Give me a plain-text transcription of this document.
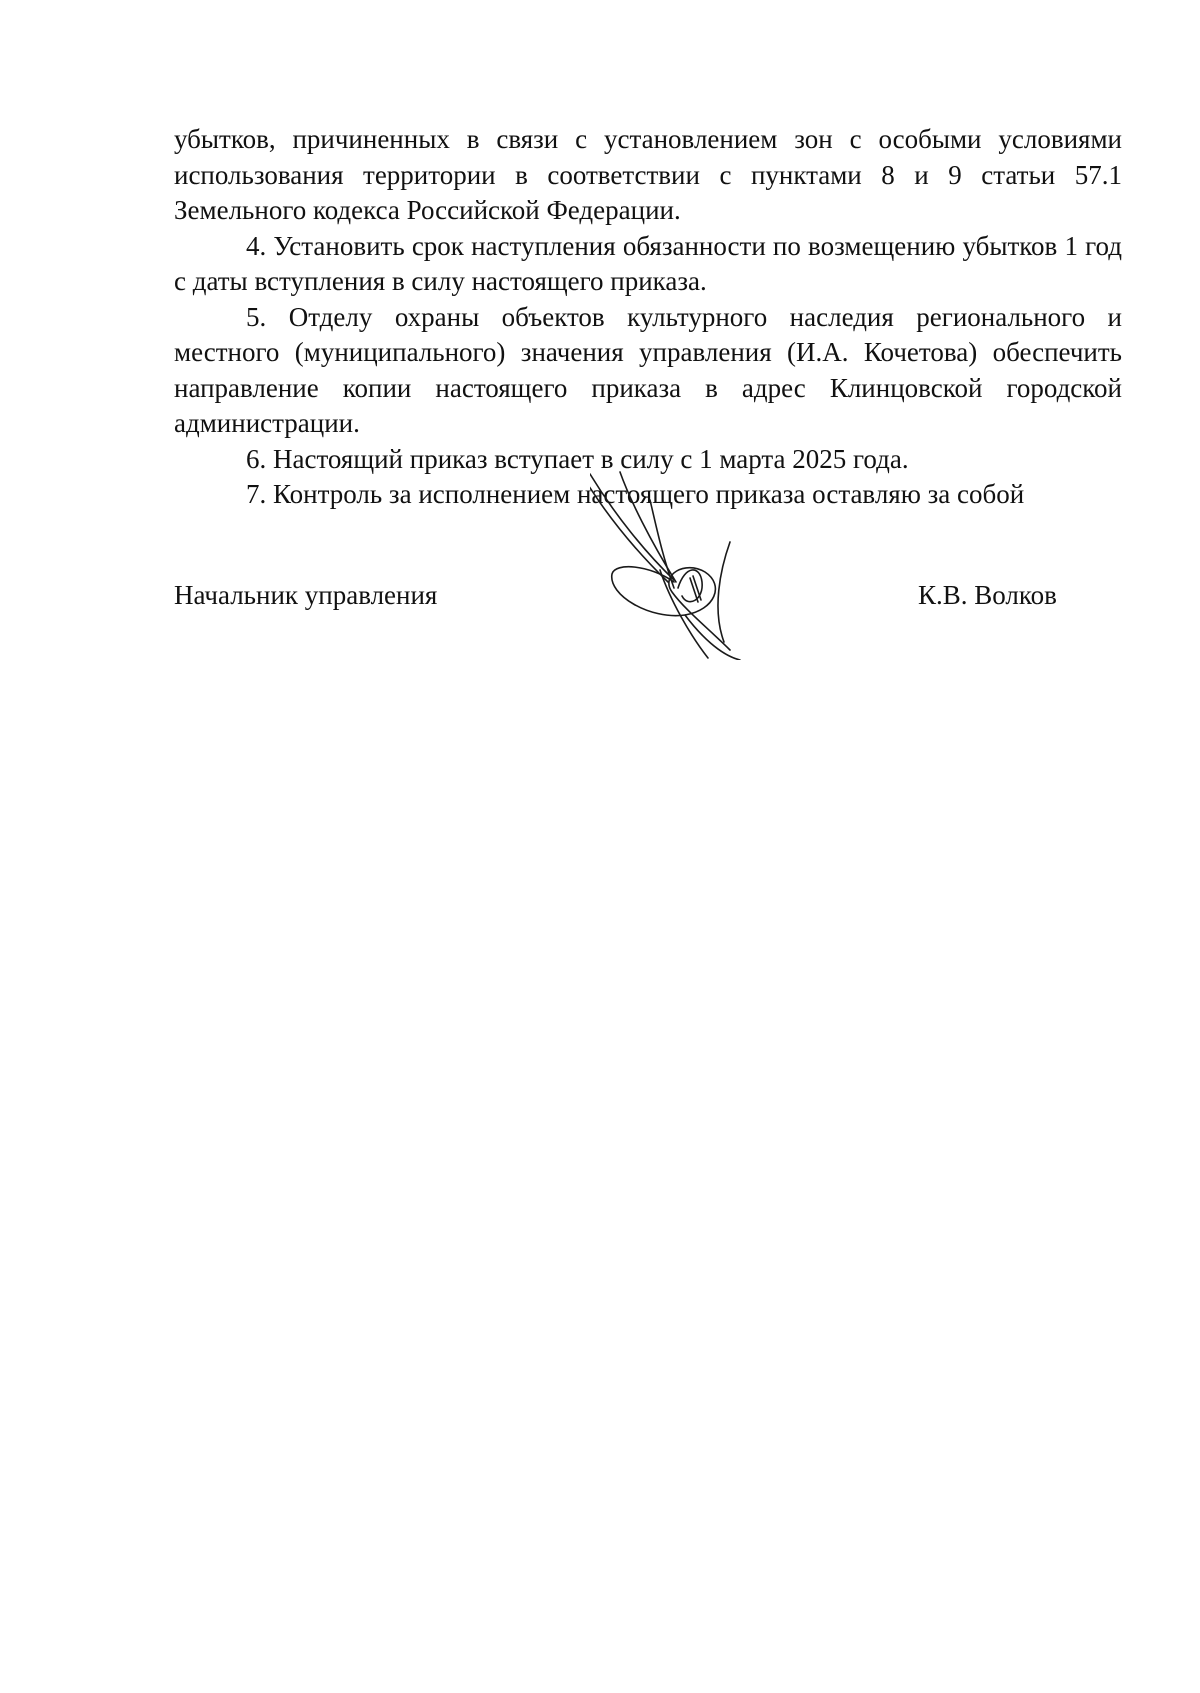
убытков, причиненных в связи с установлением зон с особыми условиями использования территории в соответствии с пунктами 8 и 9 статьи 57.1 Земельного кодекса Российской Федерации.

4. Установить срок наступления обязанности по возмещению убытков 1 год с даты вступления в силу настоящего приказа.

5. Отделу охраны объектов культурного наследия регионального и местного (муниципального) значения управления (И.А. Кочетова) обеспечить направление копии настоящего приказа в адрес Клинцовской городской администрации.

6. Настоящий приказ вступает в силу с 1 марта 2025 года.

7. Контроль за исполнением настоящего приказа оставляю за собой

Начальник управления	К.В. Волков
